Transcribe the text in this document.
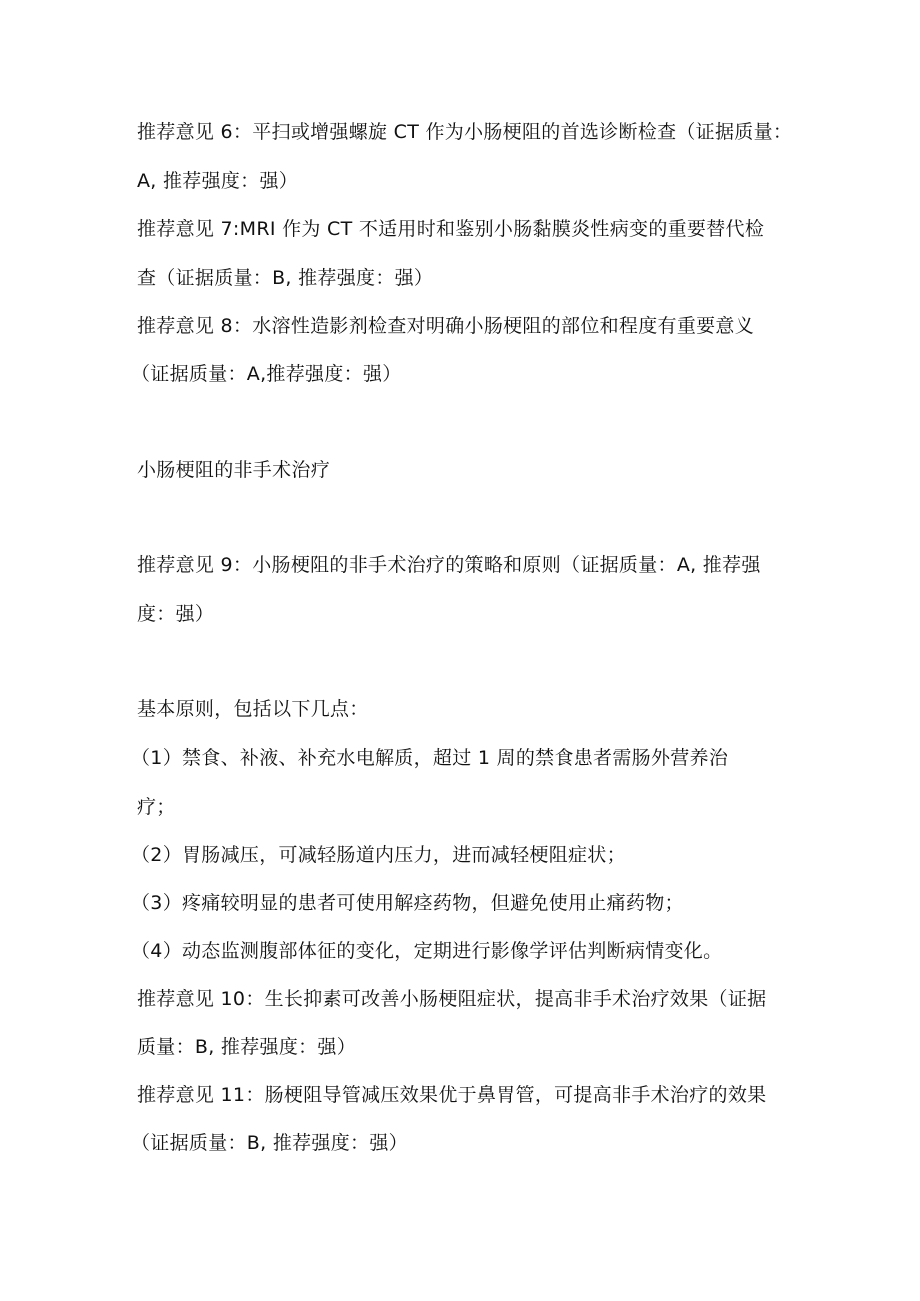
推荐意见 6：平扫或增强螺旋 CT 作为小肠梗阻的首选诊断检查（证据质量：
A, 推荐强度：强）
推荐意见 7:MRI 作为 CT 不适用时和鉴别小肠黏膜炎性病变的重要替代检
查（证据质量：B, 推荐强度：强）
推荐意见 8：水溶性造影剂检查对明确小肠梗阻的部位和程度有重要意义
（证据质量：A,推荐强度：强）
小肠梗阻的非手术治疗
推荐意见 9：小肠梗阻的非手术治疗的策略和原则（证据质量：A, 推荐强
度：强）
基本原则，包括以下几点：
（1）禁食、补液、补充水电解质，超过 1 周的禁食患者需肠外营养治
疗；
（2）胃肠减压，可减轻肠道内压力，进而减轻梗阻症状；
（3）疼痛较明显的患者可使用解痉药物，但避免使用止痛药物；
（4）动态监测腹部体征的变化，定期进行影像学评估判断病情变化。
推荐意见 10：生长抑素可改善小肠梗阻症状，提高非手术治疗效果（证据
质量：B, 推荐强度：强）
推荐意见 11：肠梗阻导管减压效果优于鼻胃管，可提高非手术治疗的效果
（证据质量：B, 推荐强度：强）
